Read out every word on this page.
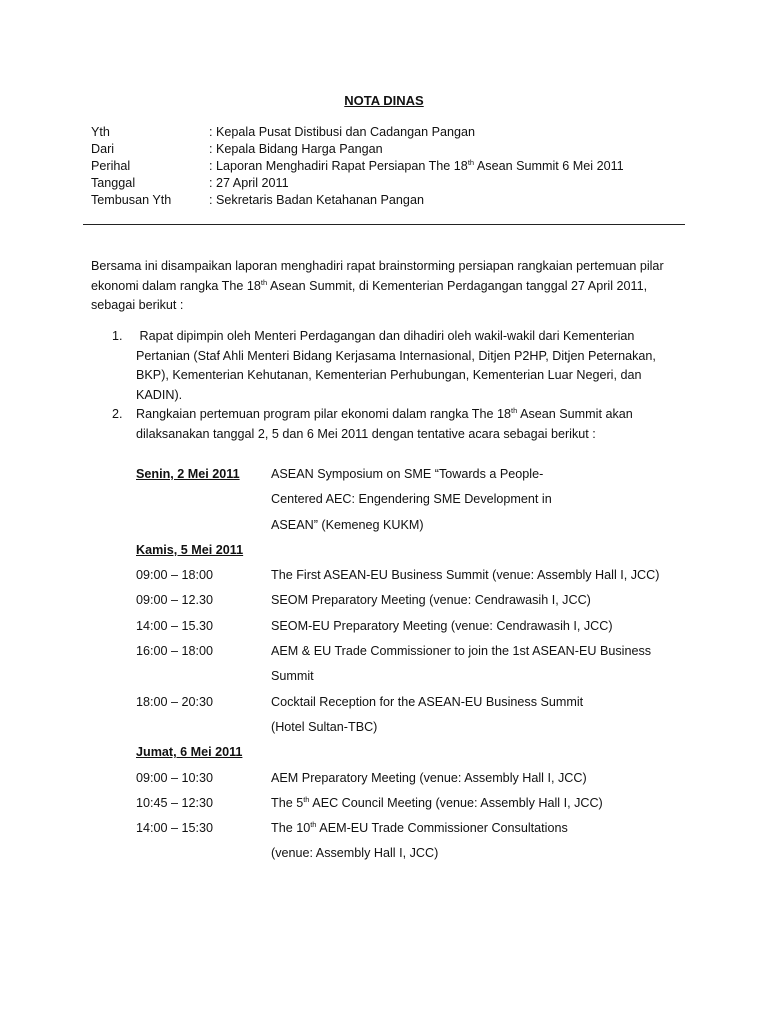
NOTA DINAS
Yth	: Kepala Pusat Distibusi dan Cadangan Pangan
Dari	: Kepala Bidang Harga Pangan
Perihal	: Laporan Menghadiri Rapat Persiapan The 18th Asean Summit 6 Mei 2011
Tanggal	: 27 April 2011
Tembusan Yth	: Sekretaris Badan Ketahanan Pangan

Bersama ini disampaikan laporan menghadiri rapat brainstorming persiapan rangkaian pertemuan pilar

ekonomi dalam rangka The 18th Asean Summit, di Kementerian Perdagangan tanggal 27 April 2011,

sebagai berikut :

1. Rapat dipimpin oleh Menteri Perdagangan dan dihadiri oleh wakil-wakil dari Kementerian
Pertanian (Staf Ahli Menteri Bidang Kerjasama Internasional, Ditjen P2HP, Ditjen Peternakan,
BKP), Kementerian Kehutanan, Kementerian Perhubungan, Kementerian Luar Negeri, dan
KADIN).
2. Rangkaian pertemuan program pilar ekonomi dalam rangka The 18th Asean Summit akan
dilaksanakan tanggal 2, 5 dan 6 Mei 2011 dengan tentative acara sebagai berikut :
Senin, 2 Mei 2011 ASEAN Symposium on SME “Towards a People-
Centered AEC: Engendering SME Development in
ASEAN” (Kemeneg KUKM)
Kamis, 5 Mei 2011
09:00 – 18:00	The First ASEAN-EU Business Summit (venue: Assembly Hall I, JCC)
09:00 – 12.30	SEOM Preparatory Meeting (venue: Cendrawasih I, JCC)
14:00 – 15.30	SEOM-EU Preparatory Meeting (venue: Cendrawasih I, JCC)
16:00 – 18:00	AEM & EU Trade Commissioner to join the 1st ASEAN-EU Business
Summit
18:00 – 20:30	Cocktail Reception for the ASEAN-EU Business Summit
(Hotel Sultan-TBC)
Jumat, 6 Mei 2011
09:00 – 10:30	AEM Preparatory Meeting (venue: Assembly Hall I, JCC)
10:45 – 12:30	The 5th AEC Council Meeting (venue: Assembly Hall I, JCC)
14:00 – 15:30	The 10th AEM-EU Trade Commissioner Consultations
(venue: Assembly Hall I, JCC)
